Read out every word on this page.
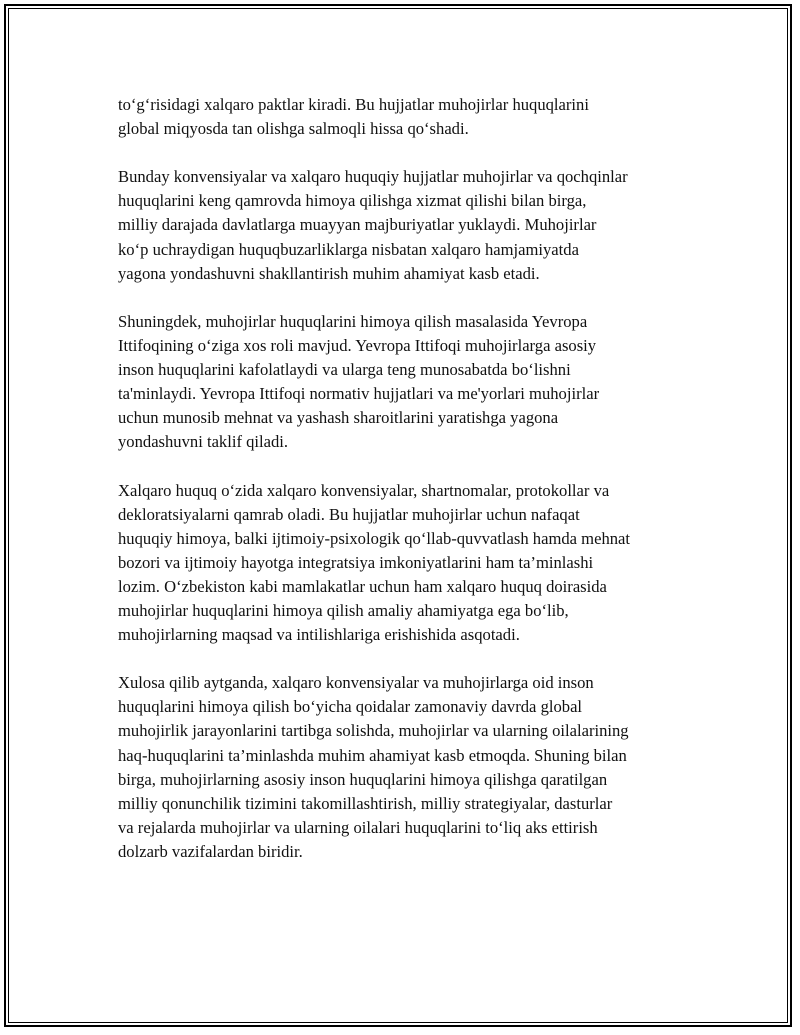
to‘g‘risidagi xalqaro paktlar kiradi. Bu hujjatlar muhojirlar huquqlarini
global miqyosda tan olishga salmoqli hissa qo‘shadi.

Bunday konvensiyalar va xalqaro huquqiy hujjatlar muhojirlar va qochqinlar
huquqlarini keng qamrovda himoya qilishga xizmat qilishi bilan birga,
milliy darajada davlatlarga muayyan majburiyatlar yuklaydi. Muhojirlar
ko‘p uchraydigan huquqbuzarliklarga nisbatan xalqaro hamjamiyatda
yagona yondashuvni shakllantirish muhim ahamiyat kasb etadi.

Shuningdek, muhojirlar huquqlarini himoya qilish masalasida Yevropa
Ittifoqining o‘ziga xos roli mavjud. Yevropa Ittifoqi muhojirlarga asosiy
inson huquqlarini kafolatlaydi va ularga teng munosabatda bo‘lishni
ta'minlaydi. Yevropa Ittifoqi normativ hujjatlari va me'yorlari muhojirlar
uchun munosib mehnat va yashash sharoitlarini yaratishga yagona
yondashuvni taklif qiladi.

Xalqaro huquq o‘zida xalqaro konvensiyalar, shartnomalar, protokollar va
dekloratsiyalarni qamrab oladi. Bu hujjatlar muhojirlar uchun nafaqat
huquqiy himoya, balki ijtimoiy-psixologik qo‘llab-quvvatlash hamda mehnat
bozori va ijtimoiy hayotga integratsiya imkoniyatlarini ham ta’minlashi
lozim. O‘zbekiston kabi mamlakatlar uchun ham xalqaro huquq doirasida
muhojirlar huquqlarini himoya qilish amaliy ahamiyatga ega bo‘lib,
muhojirlarning maqsad va intilishlariga erishishida asqotadi.

Xulosa qilib aytganda, xalqaro konvensiyalar va muhojirlarga oid inson
huquqlarini himoya qilish bo‘yicha qoidalar zamonaviy davrda global
muhojirlik jarayonlarini tartibga solishda, muhojirlar va ularning oilalarining
haq-huquqlarini ta’minlashda muhim ahamiyat kasb etmoqda. Shuning bilan
birga, muhojirlarning asosiy inson huquqlarini himoya qilishga qaratilgan
milliy qonunchilik tizimini takomillashtirish, milliy strategiyalar, dasturlar
va rejalarda muhojirlar va ularning oilalari huquqlarini to‘liq aks ettirish
dolzarb vazifalardan biridir.
